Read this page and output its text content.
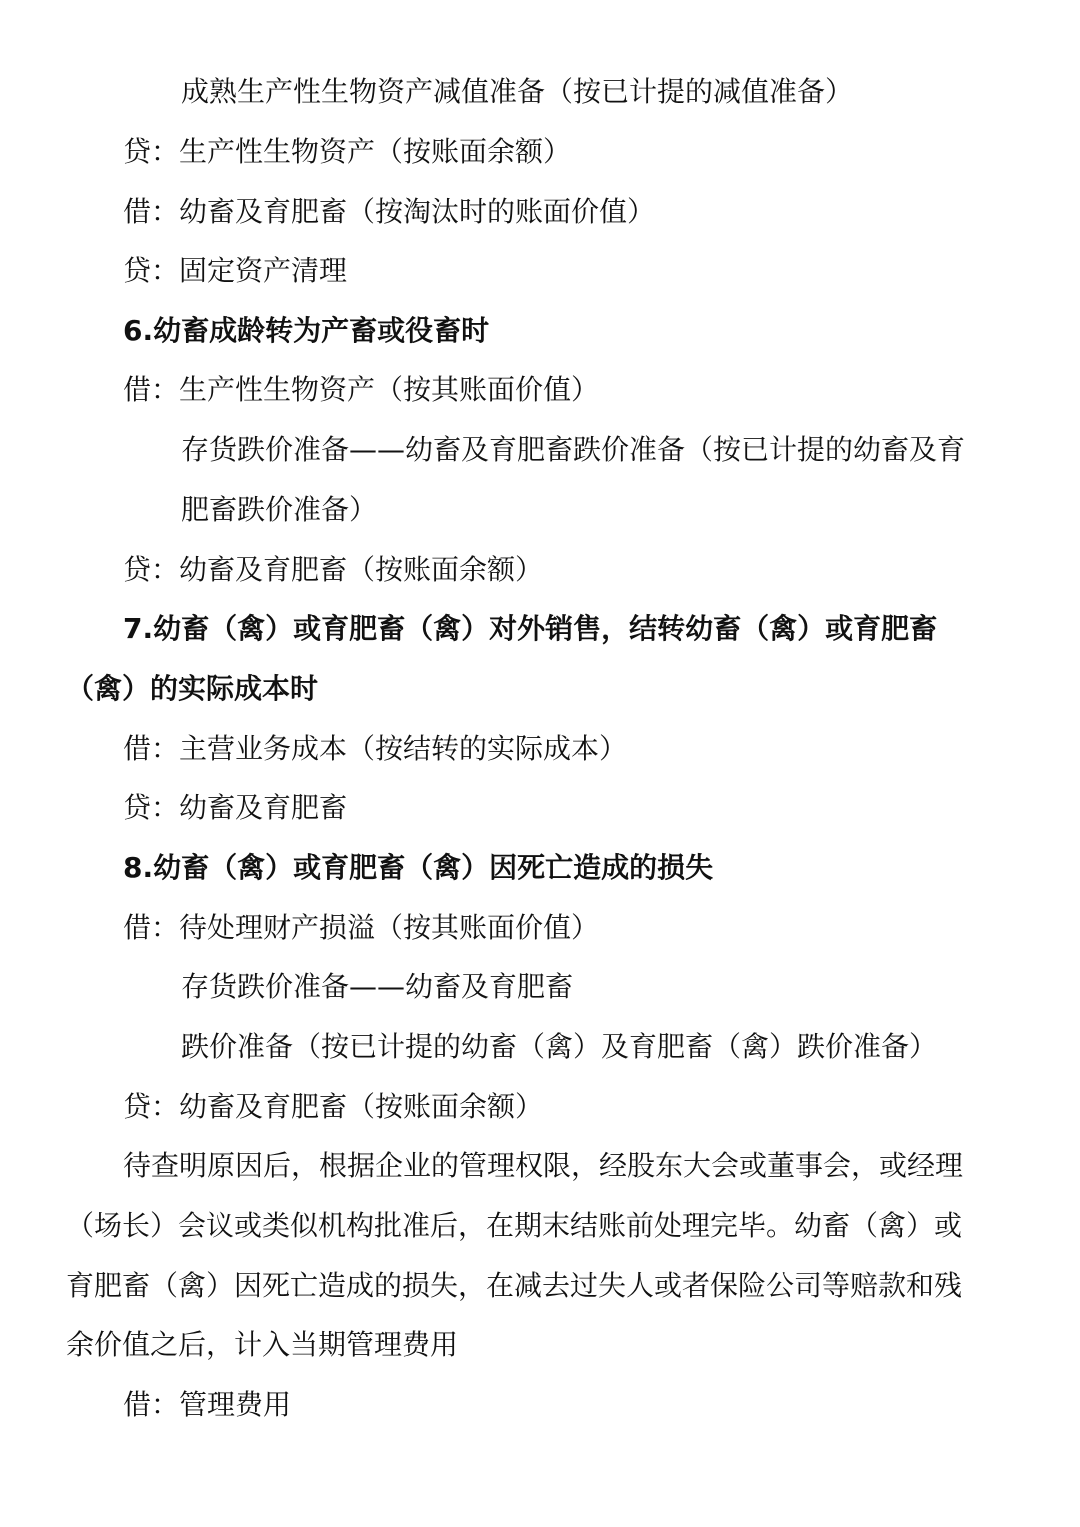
成熟生产性生物资产减值准备（按已计提的减值准备）
贷：生产性生物资产（按账面余额）
借：幼畜及育肥畜（按淘汰时的账面价值）
贷：固定资产清理
6.幼畜成龄转为产畜或役畜时
借：生产性生物资产（按其账面价值）
存货跌价准备——幼畜及育肥畜跌价准备（按已计提的幼畜及育
肥畜跌价准备）
贷：幼畜及育肥畜（按账面余额）
7.幼畜（禽）或育肥畜（禽）对外销售，结转幼畜（禽）或育肥畜
（禽）的实际成本时
借：主营业务成本（按结转的实际成本）
贷：幼畜及育肥畜
8.幼畜（禽）或育肥畜（禽）因死亡造成的损失
借：待处理财产损溢（按其账面价值）
存货跌价准备——幼畜及育肥畜
跌价准备（按已计提的幼畜（禽）及育肥畜（禽）跌价准备）
贷：幼畜及育肥畜（按账面余额）
待查明原因后，根据企业的管理权限，经股东大会或董事会，或经理
（场长）会议或类似机构批准后，在期末结账前处理完毕。幼畜（禽）或
育肥畜（禽）因死亡造成的损失，在减去过失人或者保险公司等赔款和残
余价值之后，计入当期管理费用
借：管理费用
